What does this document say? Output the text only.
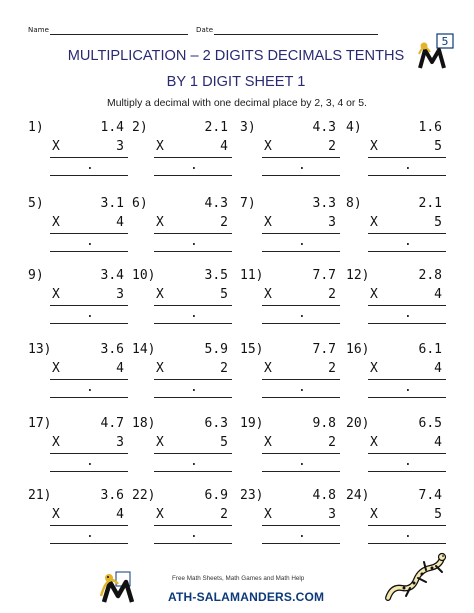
Name	Date
MULTIPLICATION – 2 DIGITS DECIMALS TENTHS
BY 1 DIGIT SHEET 1
Multiply a decimal with one decimal place by 2, 3, 4 or 5.
5
1)	1.4
X	3
.
2)	2.1
X	4
.
3)	4.3
X	2
.
4)	1.6
X	5
.
5)	3.1
X	4
.
6)	4.3
X	2
.
7)	3.3
X	3
.
8)	2.1
X	5
.
9)	3.4
X	3
.
10)	3.5
X	5
.
11)	7.7
X	2
.
12)	2.8
X	4
.
13)	3.6
X	4
.
14)	5.9
X	2
.
15)	7.7
X	2
.
16)	6.1
X	4
.
17)	4.7
X	3
.
18)	6.3
X	5
.
19)	9.8
X	2
.
20)	6.5
X	4
.
21)	3.6
X	4
.
22)	6.9
X	2
.
23)	4.8
X	3
.
24)	7.4
X	5
.
Free Math Sheets, Math Games and Math Help
ATH-SALAMANDERS.COM
